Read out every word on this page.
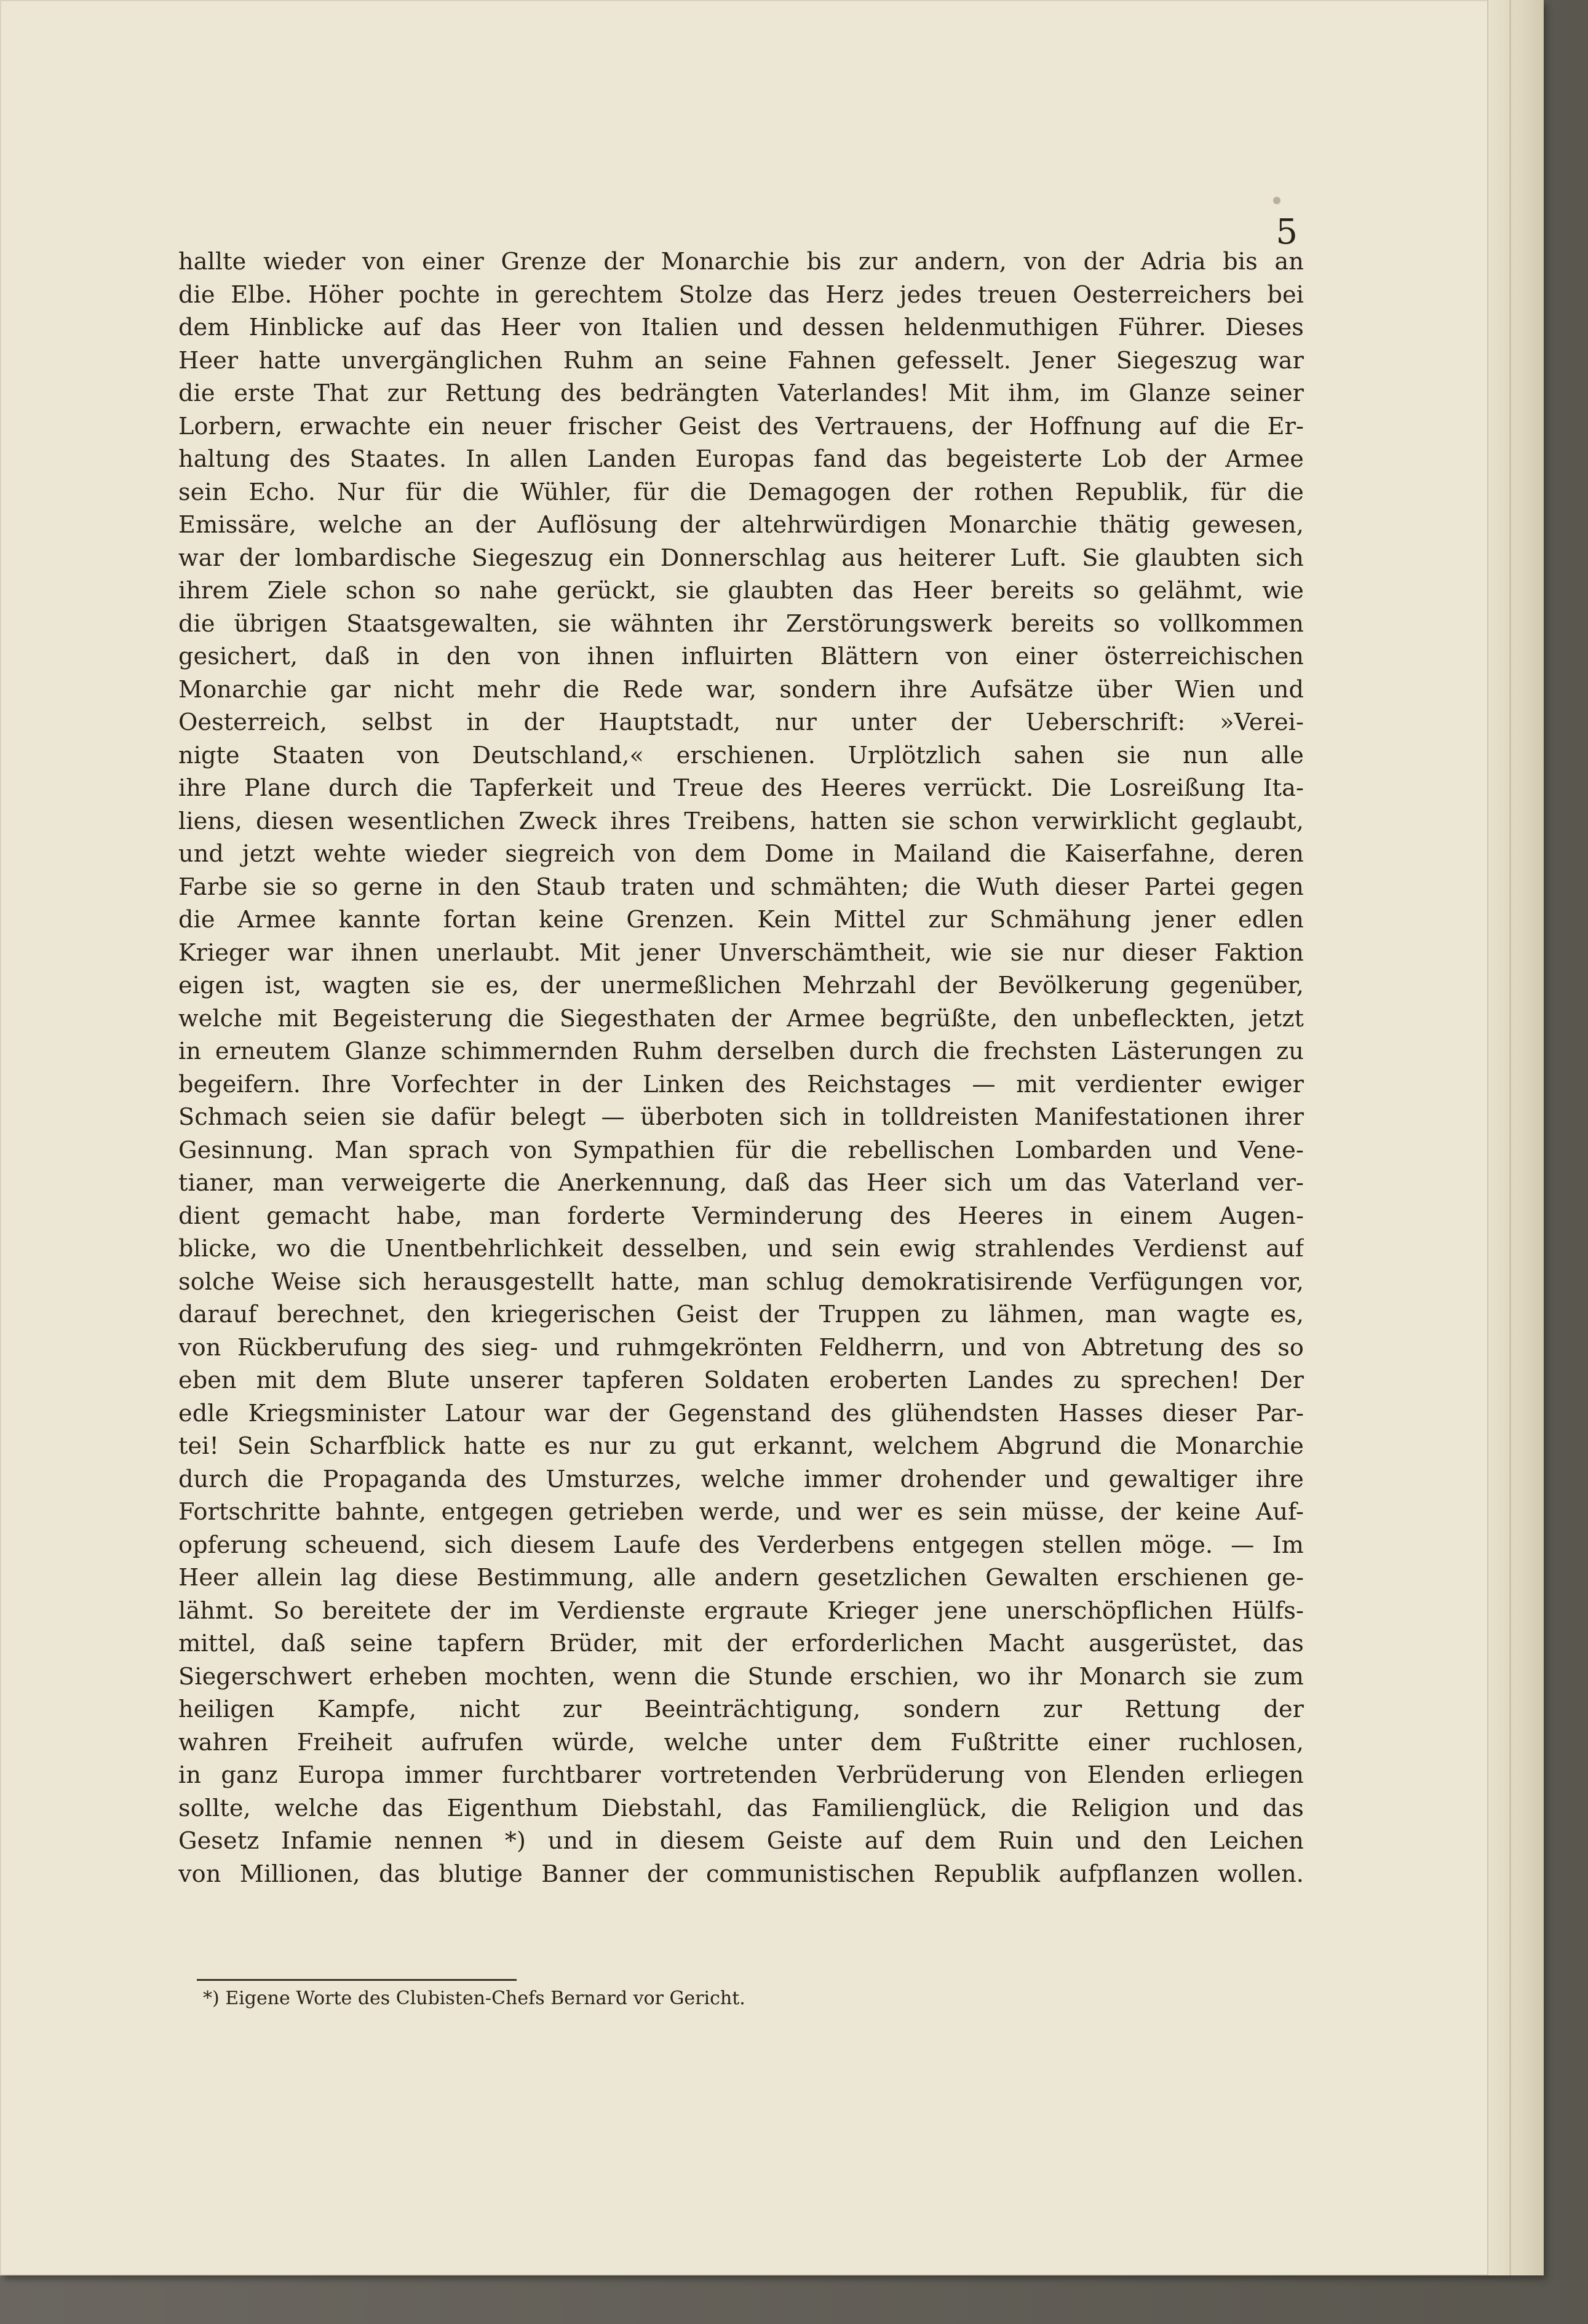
5
hallte wieder von einer Grenze der Monarchie bis zur andern, von der Adria bis an
die Elbe. Höher pochte in gerechtem Stolze das Herz jedes treuen Oesterreichers bei
dem Hinblicke auf das Heer von Italien und dessen heldenmuthigen Führer. Dieses
Heer hatte unvergänglichen Ruhm an seine Fahnen gefesselt. Jener Siegeszug war
die erste That zur Rettung des bedrängten Vaterlandes! Mit ihm, im Glanze seiner
Lorbern, erwachte ein neuer frischer Geist des Vertrauens, der Hoffnung auf die Er-
haltung des Staates. In allen Landen Europas fand das begeisterte Lob der Armee
sein Echo. Nur für die Wühler, für die Demagogen der rothen Republik, für die
Emissäre, welche an der Auflösung der altehrwürdigen Monarchie thätig gewesen,
war der lombardische Siegeszug ein Donnerschlag aus heiterer Luft. Sie glaubten sich
ihrem Ziele schon so nahe gerückt, sie glaubten das Heer bereits so gelähmt, wie
die übrigen Staatsgewalten, sie wähnten ihr Zerstörungswerk bereits so vollkommen
gesichert, daß in den von ihnen influirten Blättern von einer österreichischen
Monarchie gar nicht mehr die Rede war, sondern ihre Aufsätze über Wien und
Oesterreich, selbst in der Hauptstadt, nur unter der Ueberschrift: »Verei-
nigte Staaten von Deutschland,« erschienen. Urplötzlich sahen sie nun alle
ihre Plane durch die Tapferkeit und Treue des Heeres verrückt. Die Losreißung Ita-
liens, diesen wesentlichen Zweck ihres Treibens, hatten sie schon verwirklicht geglaubt,
und jetzt wehte wieder siegreich von dem Dome in Mailand die Kaiserfahne, deren
Farbe sie so gerne in den Staub traten und schmähten; die Wuth dieser Partei gegen
die Armee kannte fortan keine Grenzen. Kein Mittel zur Schmähung jener edlen
Krieger war ihnen unerlaubt. Mit jener Unverschämtheit, wie sie nur dieser Faktion
eigen ist, wagten sie es, der unermeßlichen Mehrzahl der Bevölkerung gegenüber,
welche mit Begeisterung die Siegesthaten der Armee begrüßte, den unbefleckten, jetzt
in erneutem Glanze schimmernden Ruhm derselben durch die frechsten Lästerungen zu
begeifern. Ihre Vorfechter in der Linken des Reichstages — mit verdienter ewiger
Schmach seien sie dafür belegt — überboten sich in tolldreisten Manifestationen ihrer
Gesinnung. Man sprach von Sympathien für die rebellischen Lombarden und Vene-
tianer, man verweigerte die Anerkennung, daß das Heer sich um das Vaterland ver-
dient gemacht habe, man forderte Verminderung des Heeres in einem Augen-
blicke, wo die Unentbehrlichkeit desselben, und sein ewig strahlendes Verdienst auf
solche Weise sich herausgestellt hatte, man schlug demokratisirende Verfügungen vor,
darauf berechnet, den kriegerischen Geist der Truppen zu lähmen, man wagte es,
von Rückberufung des sieg- und ruhmgekrönten Feldherrn, und von Abtretung des so
eben mit dem Blute unserer tapferen Soldaten eroberten Landes zu sprechen! Der
edle Kriegsminister Latour war der Gegenstand des glühendsten Hasses dieser Par-
tei! Sein Scharfblick hatte es nur zu gut erkannt, welchem Abgrund die Monarchie
durch die Propaganda des Umsturzes, welche immer drohender und gewaltiger ihre
Fortschritte bahnte, entgegen getrieben werde, und wer es sein müsse, der keine Auf-
opferung scheuend, sich diesem Laufe des Verderbens entgegen stellen möge. — Im
Heer allein lag diese Bestimmung, alle andern gesetzlichen Gewalten erschienen ge-
lähmt. So bereitete der im Verdienste ergraute Krieger jene unerschöpflichen Hülfs-
mittel, daß seine tapfern Brüder, mit der erforderlichen Macht ausgerüstet, das
Siegerschwert erheben mochten, wenn die Stunde erschien, wo ihr Monarch sie zum
heiligen Kampfe, nicht zur Beeinträchtigung, sondern zur Rettung der
wahren Freiheit aufrufen würde, welche unter dem Fußtritte einer ruchlosen,
in ganz Europa immer furchtbarer vortretenden Verbrüderung von Elenden erliegen
sollte, welche das Eigenthum Diebstahl, das Familienglück, die Religion und das
Gesetz Infamie nennen *) und in diesem Geiste auf dem Ruin und den Leichen
von Millionen, das blutige Banner der communistischen Republik aufpflanzen wollen.
*) Eigene Worte des Clubisten-Chefs Bernard vor Gericht.
